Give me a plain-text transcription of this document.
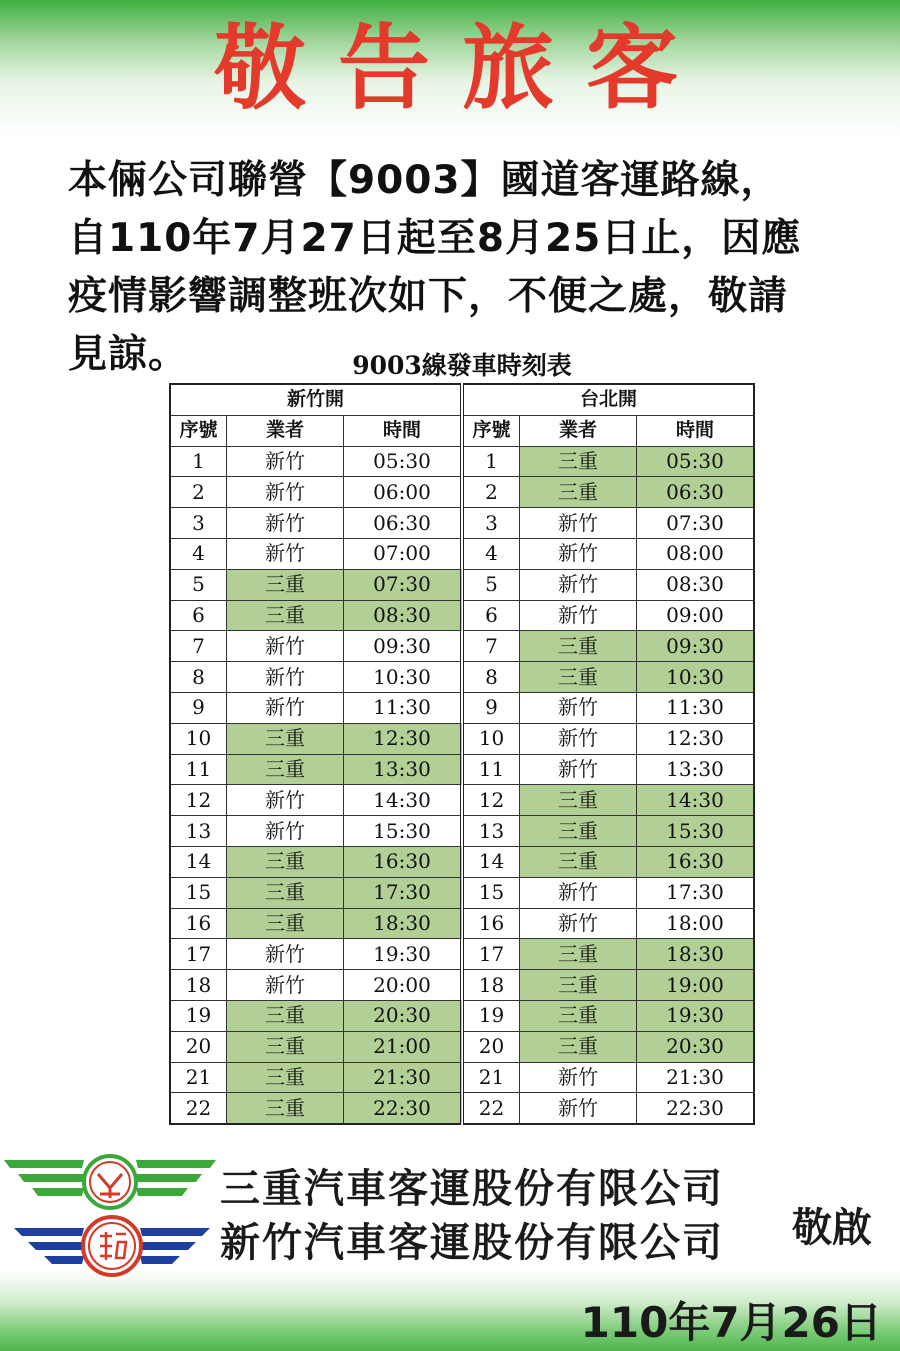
敬告旅客
本倆公司聯營【9003】國道客運路線，
自110年7月27日起至8月25日止，因應
疫情影響調整班次如下，不便之處，敬請
見諒。	9003線發車時刻表
新竹開			台北開		
序號	業者	時間	序號	業者	時間
1	新竹	05:30	1	三重	05:30
2	新竹	06:00	2	三重	06:30
3	新竹	06:30	3	新竹	07:30
4	新竹	07:00	4	新竹	08:00
5	三重	07:30	5	新竹	08:30
6	三重	08:30	6	新竹	09:00
7	新竹	09:30	7	三重	09:30
8	新竹	10:30	8	三重	10:30
9	新竹	11:30	9	新竹	11:30
10	三重	12:30	10	新竹	12:30
11	三重	13:30	11	新竹	13:30
12	新竹	14:30	12	三重	14:30
13	新竹	15:30	13	三重	15:30
14	三重	16:30	14	三重	16:30
15	三重	17:30	15	新竹	17:30
16	三重	18:30	16	新竹	18:00
17	新竹	19:30	17	三重	18:30
18	新竹	20:00	18	三重	19:00
19	三重	20:30	19	三重	19:30
20	三重	21:00	20	三重	20:30
21	三重	21:30	21	新竹	21:30
22	三重	22:30	22	新竹	22:30
三重汽車客運股份有限公司
新竹汽車客運股份有限公司 敬啟
110年7月26日
